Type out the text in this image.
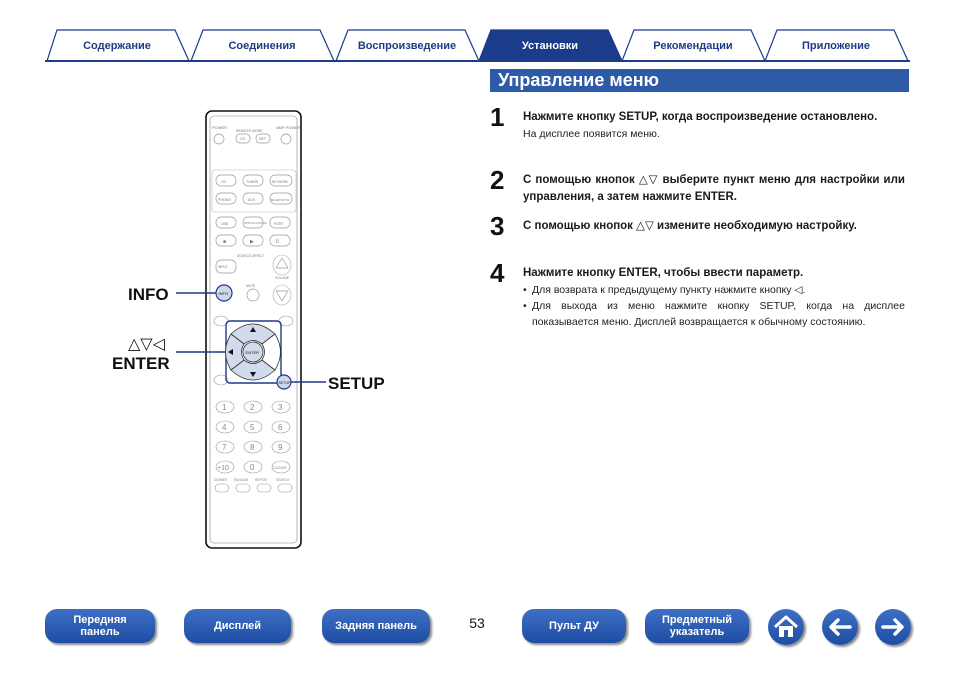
Содержание	Соединения	Воспроизведение	Установки	Рекомендации	Приложение
Управление меню
1	Нажмите кнопку SETUP, когда воспроизведение остановлено.

На дисплее появится меню.

2	С помощью кнопок △▽ выберите пункт меню для настройки или управления, а затем нажмите ENTER.

3	С помощью кнопок △▽ измените необходимую настройку.

4	Нажмите кнопку ENTER, чтобы ввести параметр.

• Для возврата к предыдущему пункту нажмите кнопку ◁.
• Для выхода из меню нажмите кнопку SETUP, когда на дисплее показывается меню. Дисплей возвращается к обычному состоянию.
POWER
REMOTE MODE
AMP POWER
CD	NET
CD	TUNER	NETWORK
PHONO	AUX	BLUETOOTH
USB	OPTICAL/COAXIAL PORT
■	▶	II
SOURCE DIRECT
INPUT
MUTE
VOLUME
INFO
ENTER
SETUP
1	2	3
4	5	6
7	8	9
+10	0	CLEAR
DIMMER RANDOM REPEAT	SEARCH
INFO
△▽◁
ENTER
SETUP
53
Передняя панель	Дисплей	Задняя панель	Пульт ДУ	Предметный указатель
